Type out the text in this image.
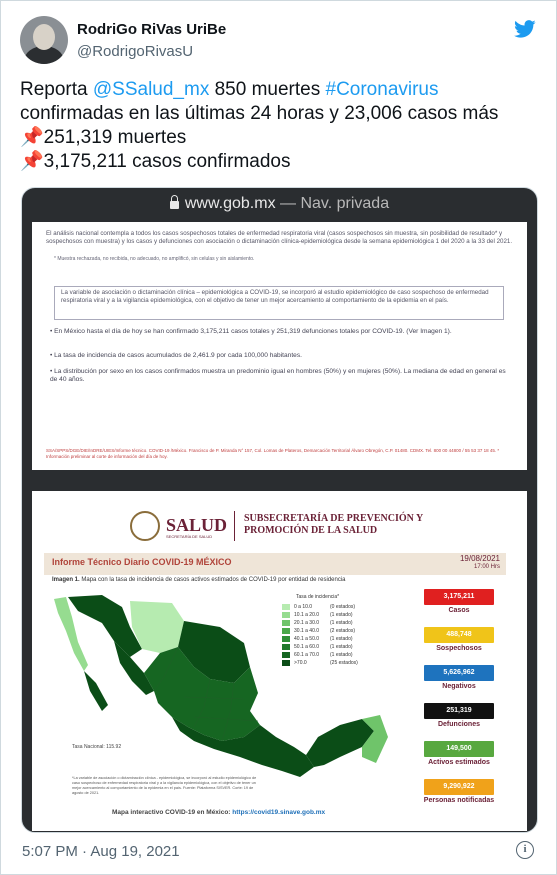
RodriGo RiVas UriBe
@RodrigoRivasU
Reporta @SSalud_mx 850 muertes #Coronavirus
confirmadas en las últimas 24 horas y 23,006 casos más
📌251,319 muertes
📌3,175,211 casos confirmados
www.gob.mx — Nav. privada
El análisis nacional contempla a todos los casos sospechosos totales de enfermedad respiratoria viral (casos sospechosos sin muestra, sin posibilidad de resultado* y sospechosos con muestra) y los casos y defunciones con asociación o dictaminación clínica-epidemiológica desde la semana epidemiológica 1 del 2020 a la 33 del 2021.
* Muestra rechazada, no recibida, no adecuado, no amplificó, sin celulas y sin aislamiento.
La variable de asociación o dictaminación clínica – epidemiológica a COVID-19, se incorporó al estudio epidemiológico de caso sospechoso de enfermedad respiratoria viral y a la vigilancia epidemiológica, con el objetivo de tener un mejor acercamiento al comportamiento de la epidemia en el país.
• En México hasta el día de hoy se han confirmado 3,175,211 casos totales y 251,319 defunciones totales por COVID-19. (Ver Imagen 1).
• La tasa de incidencia de casos acumulados de 2,461.9 por cada 100,000 habitantes.
• La distribución por sexo en los casos confirmados muestra un predominio igual en hombres (50%) y en mujeres (50%). La mediana de edad en general es de 40 años.
SSA/SPPS/DGE/DIE/InDRE/UIES/Informe técnico. COVID-19 /México. Francisco de P. Miranda N° 157, Col. Lomas de Plateros, Demarcación Territorial Álvaro Obregón, C.P. 01480. CDMX. Tel. 800 00 44800 / 55 53 37 18 45. * Información preliminar al corte de información del día de hoy.
SALUD
SECRETARÍA DE SALUD
SUBSECRETARÍA DE PREVENCIÓN Y PROMOCIÓN DE LA SALUD
Informe Técnico Diario COVID-19 MÉXICO	19/08/2021
17:00 Hrs
Imagen 1. Mapa con la tasa de incidencia de casos activos estimados de COVID-19 por entidad de residencia
Tasa de incidencia*
0 a 10.0	(0 estados)
10.1 a 20.0 (1 estado)
20.1 a 30.0 (1 estado)
30.1 a 40.0 (2 estados)
40.1 a 50.0 (1 estado)
50.1 a 60.0 (1 estado)
60.1 a 70.0 (1 estado)
>70.0	(25 estados)
Tasa Nacional: 115.92
*La variable de asociación o dictaminación clínica - epidemiológica, se incorporó al estudio epidemiológico de caso sospechoso de enfermedad respiratoria viral y a la vigilancia epidemiológica, con el objetivo de tener un mejor acercamiento al comportamiento de la epidemia en el país. Fuente: Plataforma SISVER. Corte: 19 de agosto de 2021.
3,175,211
Casos
488,748
Sospechosos
5,626,962
Negativos
251,319
Defunciones
149,500
Activos estimados
9,290,922
Personas notificadas
Mapa interactivo COVID-19 en México: https://covid19.sinave.gob.mx
5:07 PM · Aug 19, 2021	i
